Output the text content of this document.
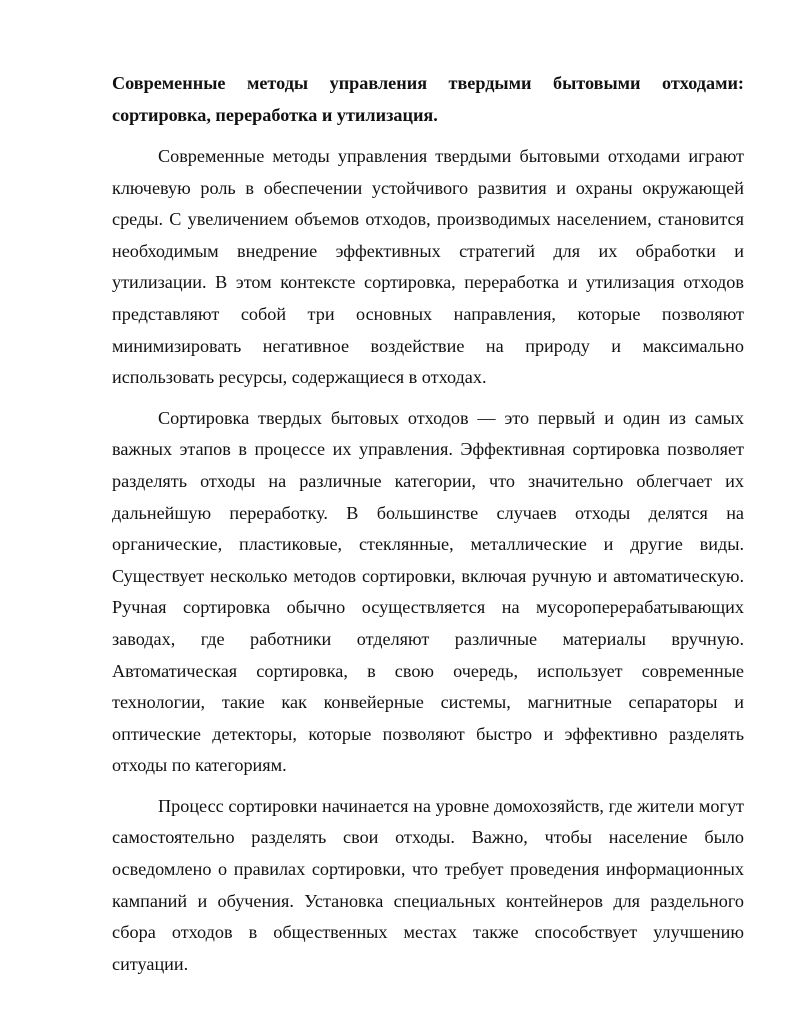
Современные методы управления твердыми бытовыми отходами: сортировка, переработка и утилизация.

Современные методы управления твердыми бытовыми отходами играют ключевую роль в обеспечении устойчивого развития и охраны окружающей среды. С увеличением объемов отходов, производимых населением, становится необходимым внедрение эффективных стратегий для их обработки и утилизации. В этом контексте сортировка, переработка и утилизация отходов представляют собой три основных направления, которые позволяют минимизировать негативное воздействие на природу и максимально использовать ресурсы, содержащиеся в отходах.

Сортировка твердых бытовых отходов — это первый и один из самых важных этапов в процессе их управления. Эффективная сортировка позволяет разделять отходы на различные категории, что значительно облегчает их дальнейшую переработку. В большинстве случаев отходы делятся на органические, пластиковые, стеклянные, металлические и другие виды. Существует несколько методов сортировки, включая ручную и автоматическую. Ручная сортировка обычно осуществляется на мусороперерабатывающих заводах, где работники отделяют различные материалы вручную. Автоматическая сортировка, в свою очередь, использует современные технологии, такие как конвейерные системы, магнитные сепараторы и оптические детекторы, которые позволяют быстро и эффективно разделять отходы по категориям.

Процесс сортировки начинается на уровне домохозяйств, где жители могут самостоятельно разделять свои отходы. Важно, чтобы население было осведомлено о правилах сортировки, что требует проведения информационных кампаний и обучения. Установка специальных контейнеров для раздельного сбора отходов в общественных местах также способствует улучшению ситуации.
